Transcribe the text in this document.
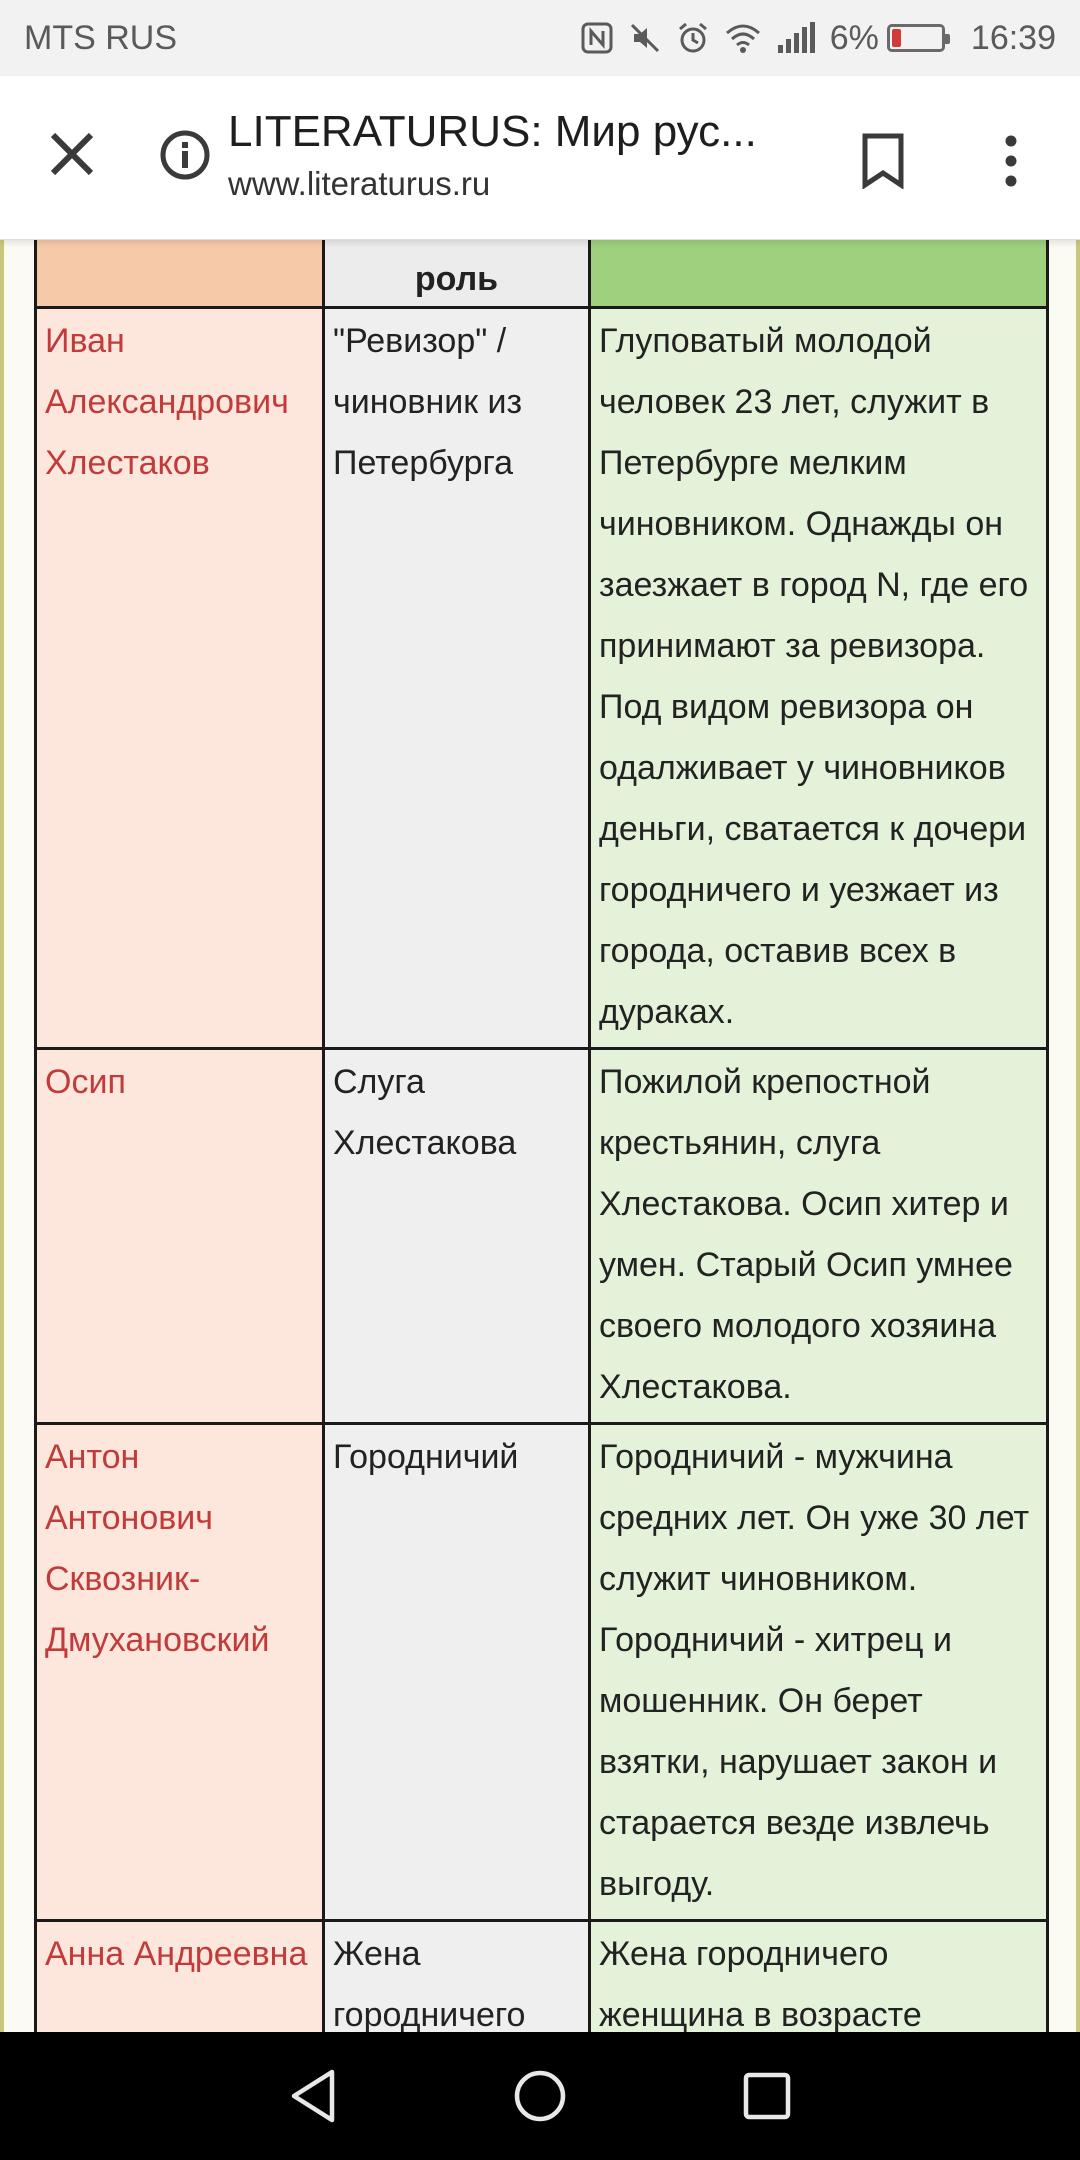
MTS RUS	6%	16:39
LITERATURUS: Мир рус...
www.literaturus.ru
	роль	
Иван Александрович Хлестаков	"Ревизор" / чиновник из Петербурга	Глуповатый молодой человек 23 лет, служит в Петербурге мелким чиновником. Однажды он заезжает в город N, где его принимают за ревизора. Под видом ревизора он одалживает у чиновников деньги, сватается к дочери городничего и уезжает из города, оставив всех в дураках.
Осип	Слуга Хлестакова	Пожилой крепостной крестьянин, слуга Хлестакова. Осип хитер и умен. Старый Осип умнее своего молодого хозяина Хлестакова.
Антон Антонович Сквозник-Дмухановский	Городничий	Городничий - мужчина средних лет. Он уже 30 лет служит чиновником. Городничий - хитрец и мошенник. Он берет взятки, нарушает закон и старается везде извлечь выгоду.
Анна Андреевна	Жена городничего	Жена городничего женщина в возрасте
